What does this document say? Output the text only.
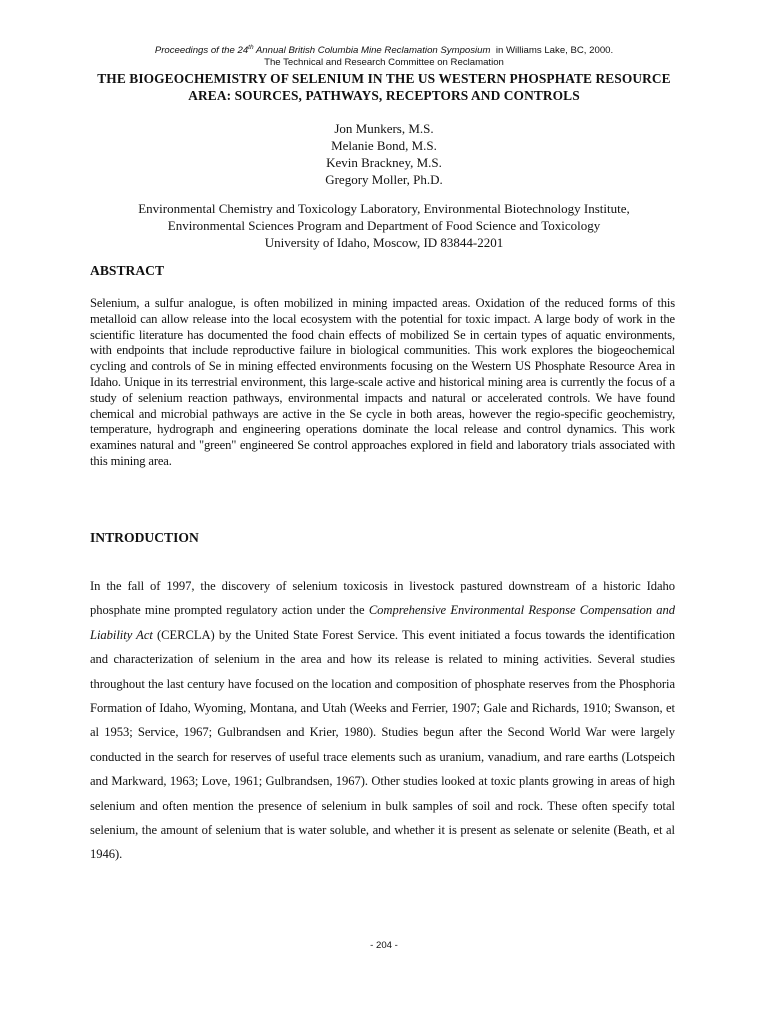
Proceedings of the 24th Annual British Columbia Mine Reclamation Symposium  in Williams Lake, BC, 2000.
The Technical and Research Committee on Reclamation
THE BIOGEOCHEMISTRY OF SELENIUM IN THE US WESTERN PHOSPHATE RESOURCE AREA: SOURCES, PATHWAYS, RECEPTORS AND CONTROLS
Jon Munkers, M.S.
Melanie Bond, M.S.
Kevin Brackney, M.S.
Gregory Moller, Ph.D.
Environmental Chemistry and Toxicology Laboratory, Environmental Biotechnology Institute,
Environmental Sciences Program and Department of Food Science and Toxicology
University of Idaho, Moscow, ID 83844-2201
ABSTRACT
Selenium, a sulfur analogue, is often mobilized in mining impacted areas. Oxidation of the reduced forms of this metalloid can allow release into the local ecosystem with the potential for toxic impact. A large body of work in the scientific literature has documented the food chain effects of mobilized Se in certain types of aquatic environments, with endpoints that include reproductive failure in biological communities. This work explores the biogeochemical cycling and controls of Se in mining effected environments focusing on the Western US Phosphate Resource Area in Idaho. Unique in its terrestrial environment, this large-scale active and historical mining area is currently the focus of a study of selenium reaction pathways, environmental impacts and natural or accelerated controls. We have found chemical and microbial pathways are active in the Se cycle in both areas, however the regio-specific geochemistry, temperature, hydrograph and engineering operations dominate the local release and control dynamics. This work examines natural and "green" engineered Se control approaches explored in field and laboratory trials associated with this mining area.
INTRODUCTION
In the fall of 1997, the discovery of selenium toxicosis in livestock pastured downstream of a historic Idaho phosphate mine prompted regulatory action under the Comprehensive Environmental Response Compensation and Liability Act (CERCLA) by the United State Forest Service. This event initiated a focus towards the identification and characterization of selenium in the area and how its release is related to mining activities. Several studies throughout the last century have focused on the location and composition of phosphate reserves from the Phosphoria Formation of Idaho, Wyoming, Montana, and Utah (Weeks and Ferrier, 1907; Gale and Richards, 1910; Swanson, et al 1953; Service, 1967; Gulbrandsen and Krier, 1980). Studies begun after the Second World War were largely conducted in the search for reserves of useful trace elements such as uranium, vanadium, and rare earths (Lotspeich and Markward, 1963; Love, 1961; Gulbrandsen, 1967). Other studies looked at toxic plants growing in areas of high selenium and often mention the presence of selenium in bulk samples of soil and rock. These often specify total selenium, the amount of selenium that is water soluble, and whether it is present as selenate or selenite (Beath, et al 1946).
- 204 -
